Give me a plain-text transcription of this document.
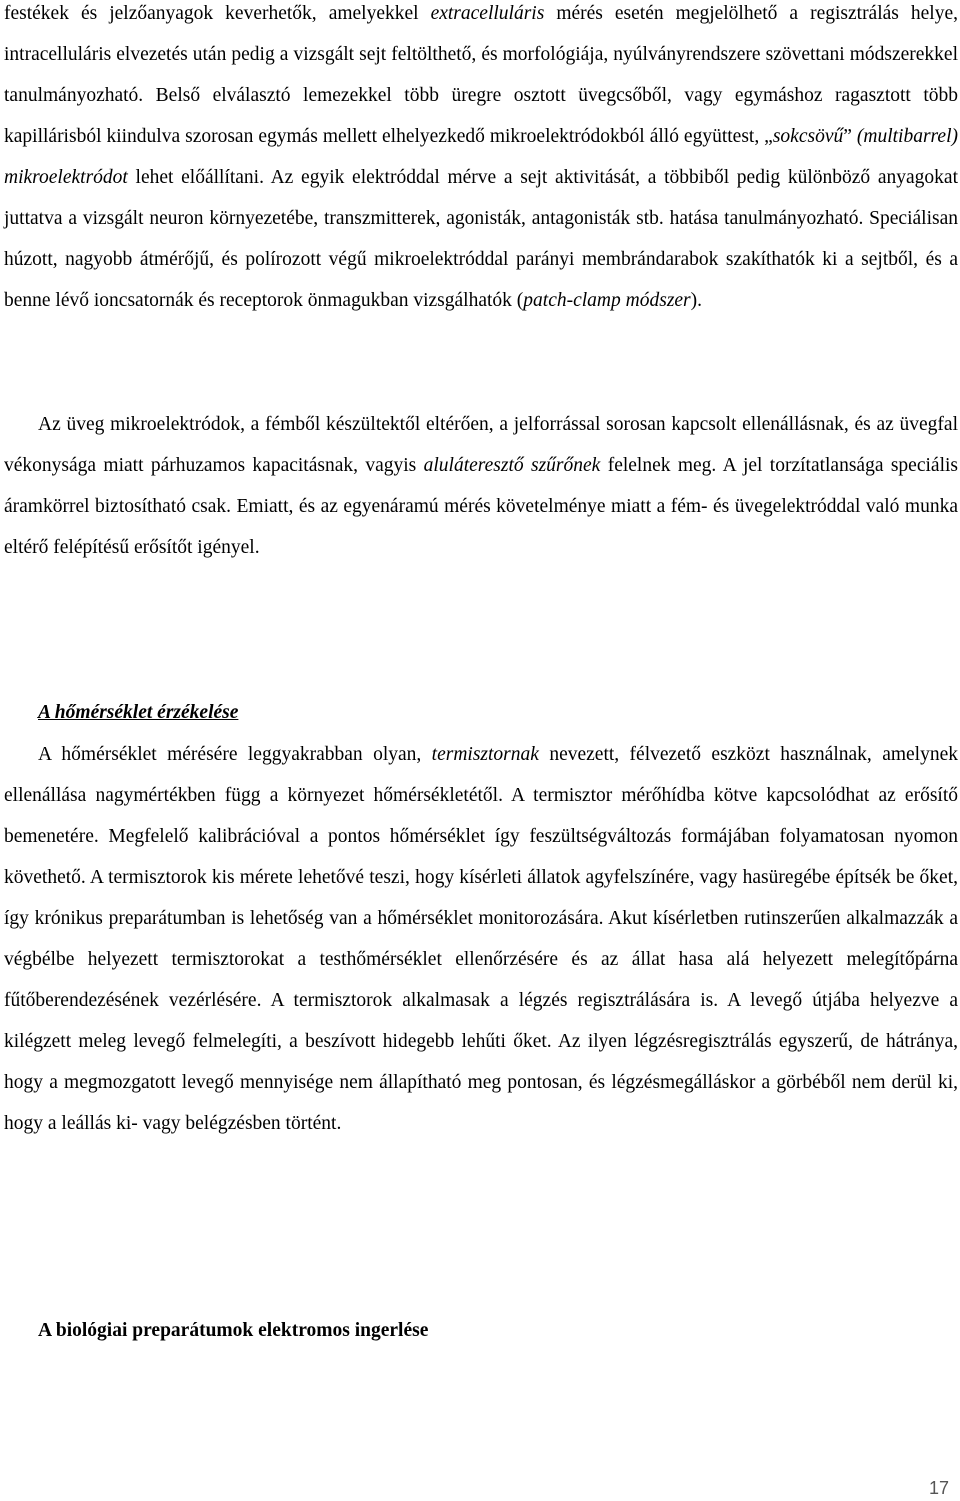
festékek és jelzőanyagok keverhetők, amelyekkel extracelluláris mérés esetén megjelölhető a regisztrálás helye, intracelluláris elvezetés után pedig a vizsgált sejt feltölthető, és morfológiája, nyúlványrendszere szövettani módszerekkel tanulmányozható. Belső elválasztó lemezekkel több üregre osztott üvegcsőből, vagy egymáshoz ragasztott több kapillárisból kiindulva szorosan egymás mellett elhelyezkedő mikroelektródokból álló együttest, „sokcsövű” (multibarrel) mikroelektródot lehet előállítani. Az egyik elektróddal mérve a sejt aktivitását, a többiből pedig különböző anyagokat juttatva a vizsgált neuron környezetébe, transzmitterek, agonisták, antagonisták stb. hatása tanulmányozható. Speciálisan húzott, nagyobb átmérőjű, és polírozott végű mikroelektróddal parányi membrándarabok szakíthatók ki a sejtből, és a benne lévő ioncsatornák és receptorok önmagukban vizsgálhatók (patch-clamp módszer).

Az üveg mikroelektródok, a fémből készültektől eltérően, a jelforrással sorosan kapcsolt ellenállásnak, és az üvegfal vékonysága miatt párhuzamos kapacitásnak, vagyis aluláteresztő szűrőnek felelnek meg. A jel torzítatlansága speciális áramkörrel biztosítható csak. Emiatt, és az egyenáramú mérés követelménye miatt a fém- és üvegelektróddal való munka eltérő felépítésű erősítőt igényel.

A hőmérséklet érzékelése

A hőmérséklet mérésére leggyakrabban olyan, termisztornak nevezett, félvezető eszközt használnak, amelynek ellenállása nagymértékben függ a környezet hőmérsékletétől. A termisztor mérőhídba kötve kapcsolódhat az erősítő bemenetére. Megfelelő kalibrációval a pontos hőmérséklet így feszültségváltozás formájában folyamatosan nyomon követhető. A termisztorok kis mérete lehetővé teszi, hogy kísérleti állatok agyfelszínére, vagy hasüregébe építsék be őket, így krónikus preparátumban is lehetőség van a hőmérséklet monitorozására. Akut kísérletben rutinszerűen alkalmazzák a végbélbe helyezett termisztorokat a testhőmérséklet ellenőrzésére és az állat hasa alá helyezett melegítőpárna fűtőberendezésének vezérlésére. A termisztorok alkalmasak a légzés regisztrálására is. A levegő útjába helyezve a kilégzett meleg levegő felmelegíti, a beszívott hidegebb lehűti őket. Az ilyen légzésregisztrálás egyszerű, de hátránya, hogy a megmozgatott levegő mennyisége nem állapítható meg pontosan, és légzésmegálláskor a görbéből nem derül ki, hogy a leállás ki- vagy belégzésben történt.

A biológiai preparátumok elektromos ingerlése
17
